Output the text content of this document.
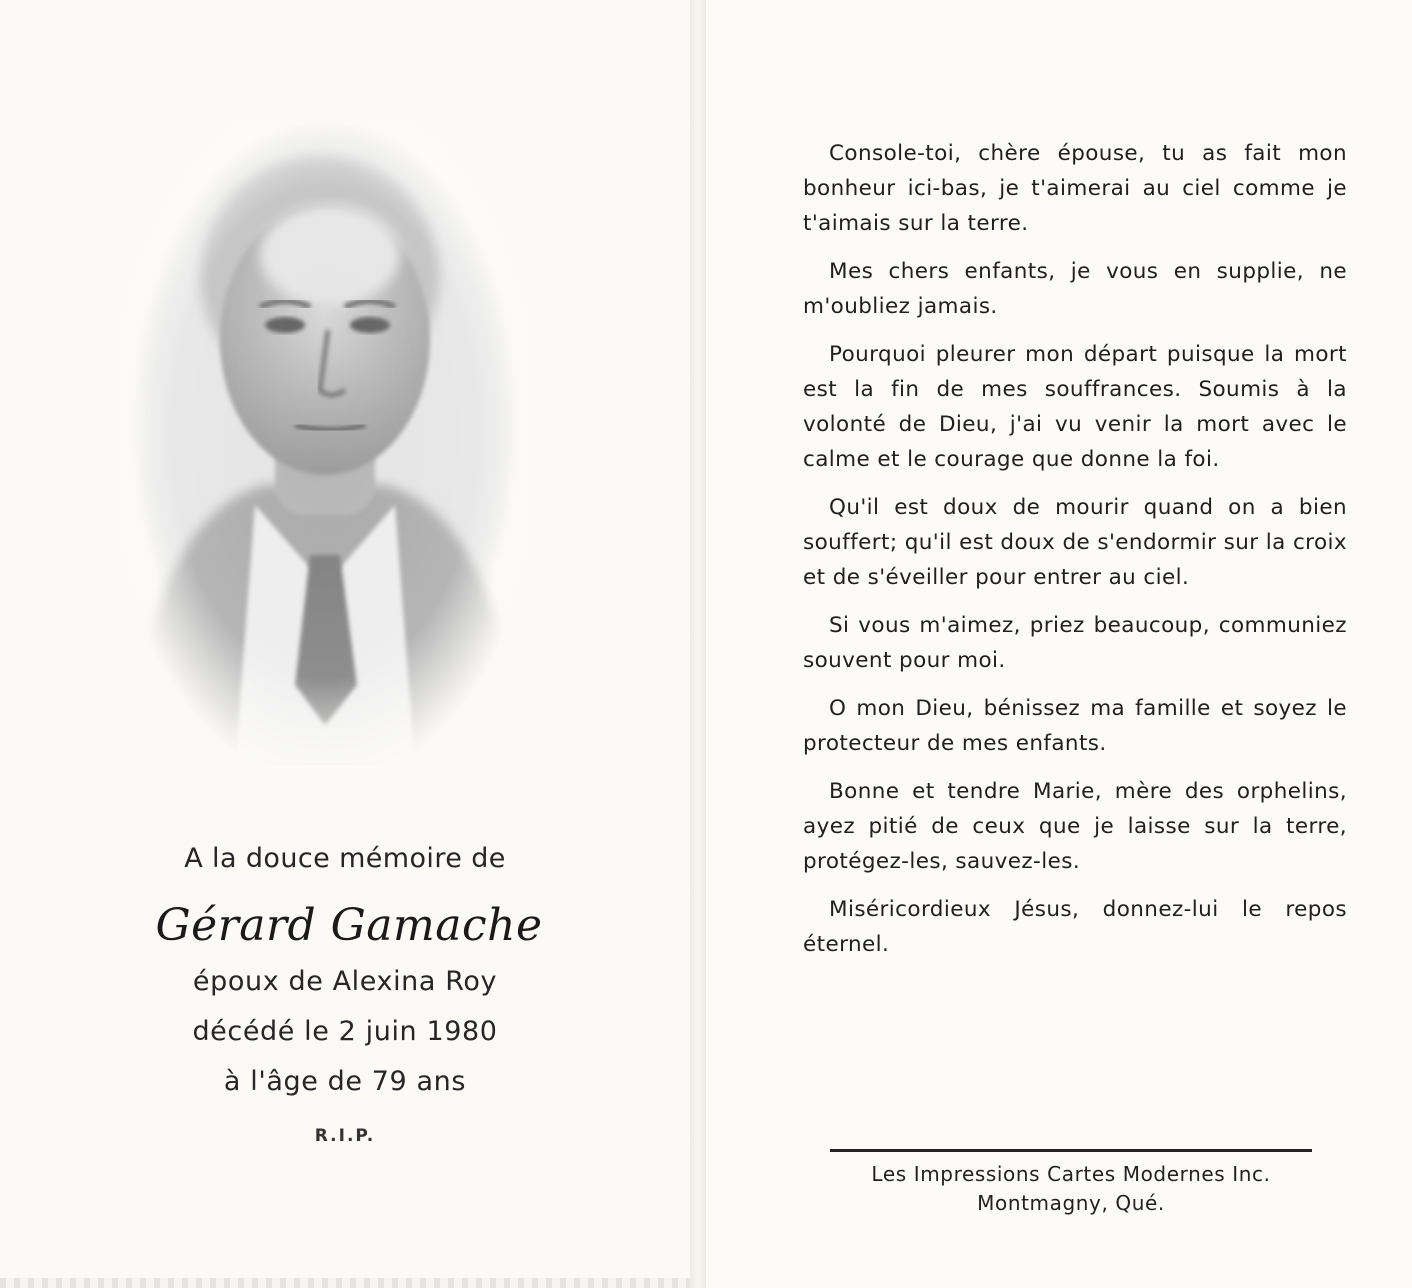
A la douce mémoire de
Gérard Gamache
époux de Alexina Roy
décédé le 2 juin 1980
à l'âge de 79 ans
R.I.P.

Console-toi, chère épouse, tu as fait mon bonheur ici-bas, je t'aimerai au ciel comme je t'aimais sur la terre.

Mes chers enfants, je vous en supplie, ne m'oubliez jamais.

Pourquoi pleurer mon départ puisque la mort est la fin de mes souffrances. Soumis à la volonté de Dieu, j'ai vu venir la mort avec le calme et le courage que donne la foi.

Qu'il est doux de mourir quand on a bien souffert; qu'il est doux de s'endormir sur la croix et de s'éveiller pour entrer au ciel.

Si vous m'aimez, priez beaucoup, communiez souvent pour moi.

O mon Dieu, bénissez ma famille et soyez le protecteur de mes enfants.

Bonne et tendre Marie, mère des orphelins, ayez pitié de ceux que je laisse sur la terre, protégez-les, sauvez-les.

Miséricordieux Jésus, donnez-lui le repos éternel.

Les Impressions Cartes Modernes Inc.
Montmagny, Qué.
